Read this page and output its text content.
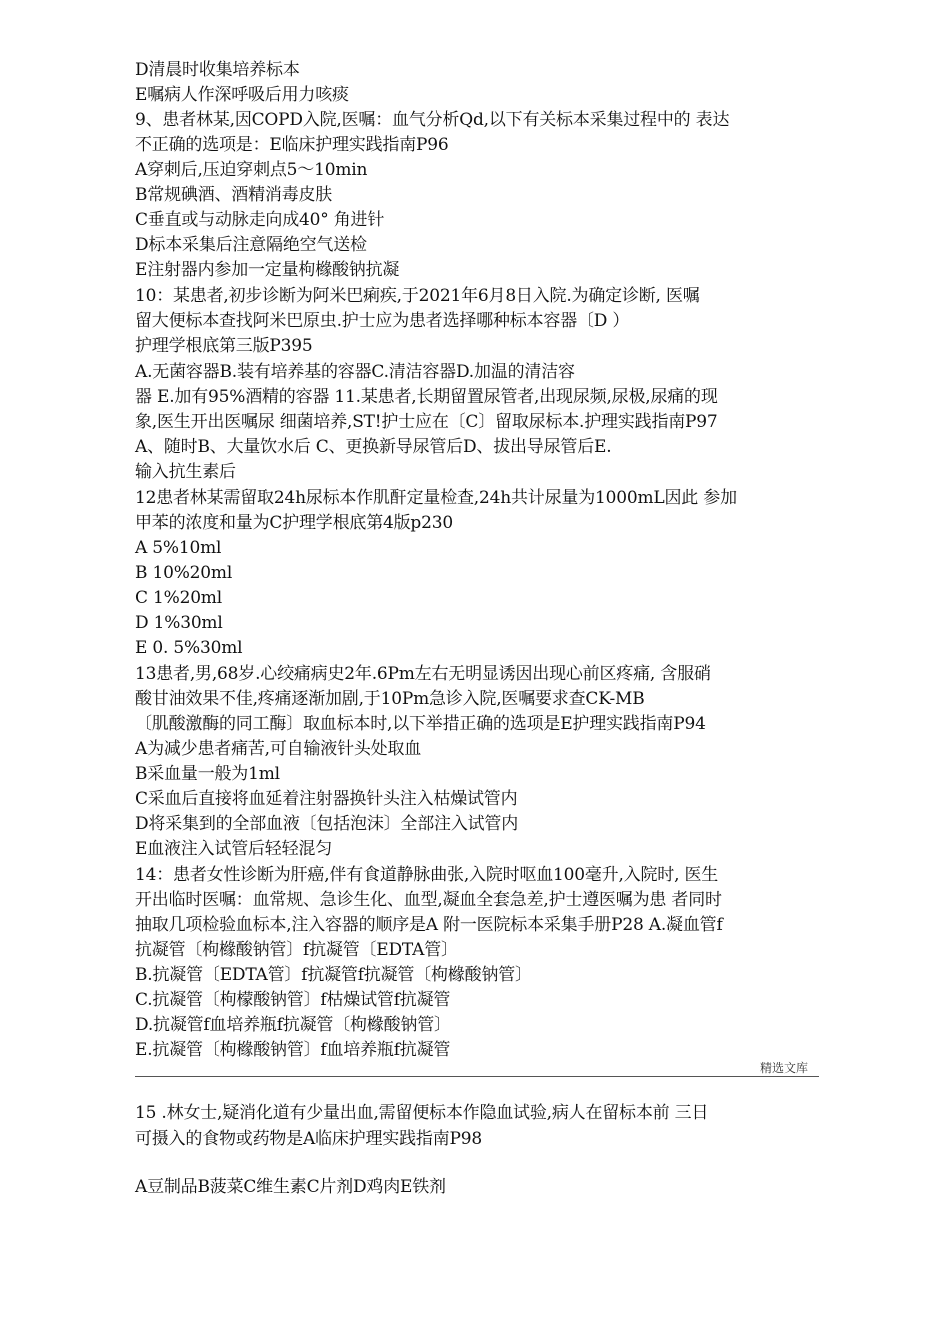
D清晨时收集培养标本
E嘱病人作深呼吸后用力咳痰
9、患者林某,因COPD入院,医嘱：血气分析Qd,以下有关标本采集过程中的 表达
不正确的选项是：E临床护理实践指南P96
A穿刺后,压迫穿刺点5〜10min
B常规碘酒、酒精消毒皮肤
C垂直或与动脉走向成40° 角进针
D标本采集后注意隔绝空气送检
E注射器内参加一定量枸橼酸钠抗凝
10：某患者,初步诊断为阿米巴痢疾,于2021年6月8日入院.为确定诊断, 医嘱
留大便标本查找阿米巴原虫.护士应为患者选择哪种标本容器〔D ）
护理学根底第三版P395
A.无菌容器B.装有培养基的容器C.清洁容器D.加温的清洁容
器 E.加有95%酒精的容器 11.某患者,长期留置尿管者,出现尿频,尿极,尿痛的现
象,医生开出医嘱尿 细菌培养,ST!护士应在〔C〕留取尿标本.护理实践指南P97
A、随时B、大量饮水后 C、更换新导尿管后D、拔出导尿管后E.
输入抗生素后
12患者林某需留取24h尿标本作肌酐定量检查,24h共计尿量为1000mL因此 参加
甲苯的浓度和量为C护理学根底第4版p230
A 5%10ml
B 10%20ml
C 1%20ml
D 1%30ml
E 0. 5%30ml
13患者,男,68岁.心绞痛病史2年.6Pm左右无明显诱因出现心前区疼痛, 含服硝
酸甘油效果不佳,疼痛逐渐加剧,于10Pm急诊入院,医嘱要求查CK-MB
〔肌酸激酶的同工酶〕取血标本时,以下举措正确的选项是E护理实践指南P94
A为减少患者痛苦,可自输液针头处取血
B采血量一般为1ml
C采血后直接将血延着注射器换针头注入枯燥试管内
D将采集到的全部血液〔包括泡沫〕全部注入试管内
E血液注入试管后轻轻混匀
14：患者女性诊断为肝癌,伴有食道静脉曲张,入院时呕血100毫升,入院时, 医生
开出临时医嘱：血常规、急诊生化、血型,凝血全套急差,护士遵医嘱为患 者同时
抽取几项检验血标本,注入容器的顺序是A 附一医院标本采集手册P28 A.凝血管f
抗凝管〔枸橼酸钠管〕f抗凝管〔EDTA管〕
B.抗凝管〔EDTA管〕f抗凝管f抗凝管〔枸橼酸钠管〕
C.抗凝管〔枸檬酸钠管〕f枯燥试管f抗凝管
D.抗凝管f血培养瓶f抗凝管〔枸橼酸钠管〕
E.抗凝管〔枸橼酸钠管〕f血培养瓶f抗凝管
精选文库
15 .林女士,疑消化道有少量出血,需留便标本作隐血试验,病人在留标本前 三日
可摄入的食物或药物是A临床护理实践指南P98
A豆制品B菠菜C维生素C片剂D鸡肉E铁剂
